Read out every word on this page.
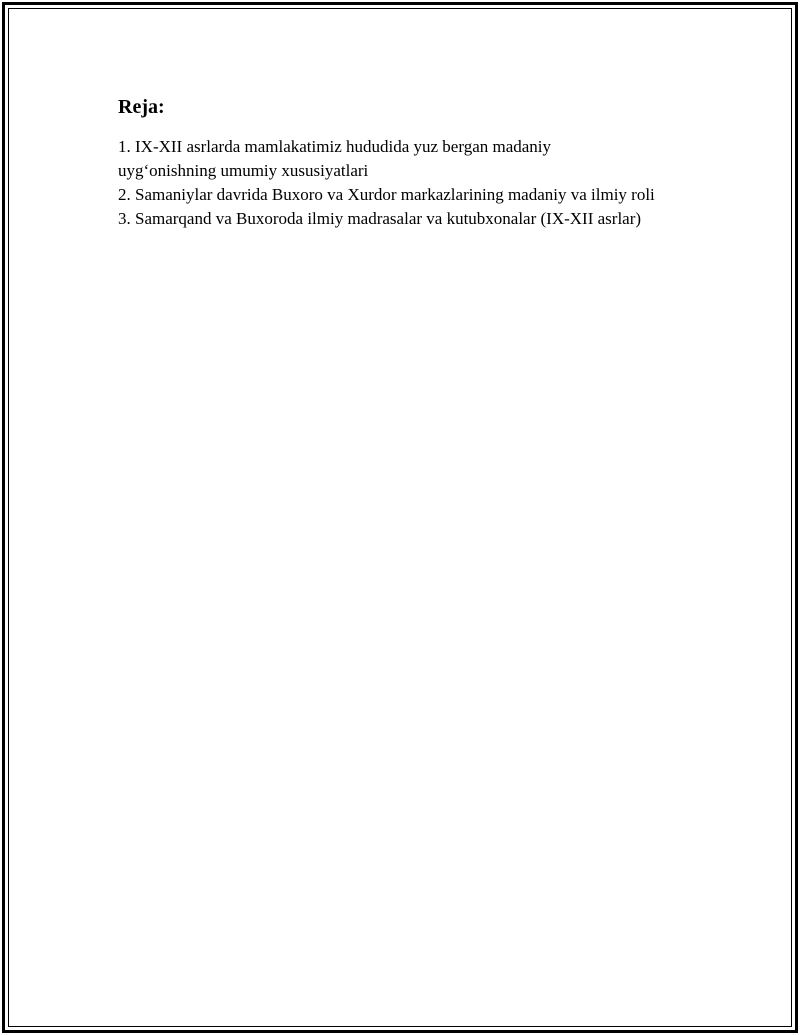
Reja:
1. IX-XII asrlarda mamlakatimiz hududida yuz bergan madaniy uyg‘onishning umumiy xususiyatlari
2. Samaniylar davrida Buxoro va Xurdor markazlarining madaniy va ilmiy roli
3. Samarqand va Buxoroda ilmiy madrasalar va kutubxonalar (IX-XII asrlar)
